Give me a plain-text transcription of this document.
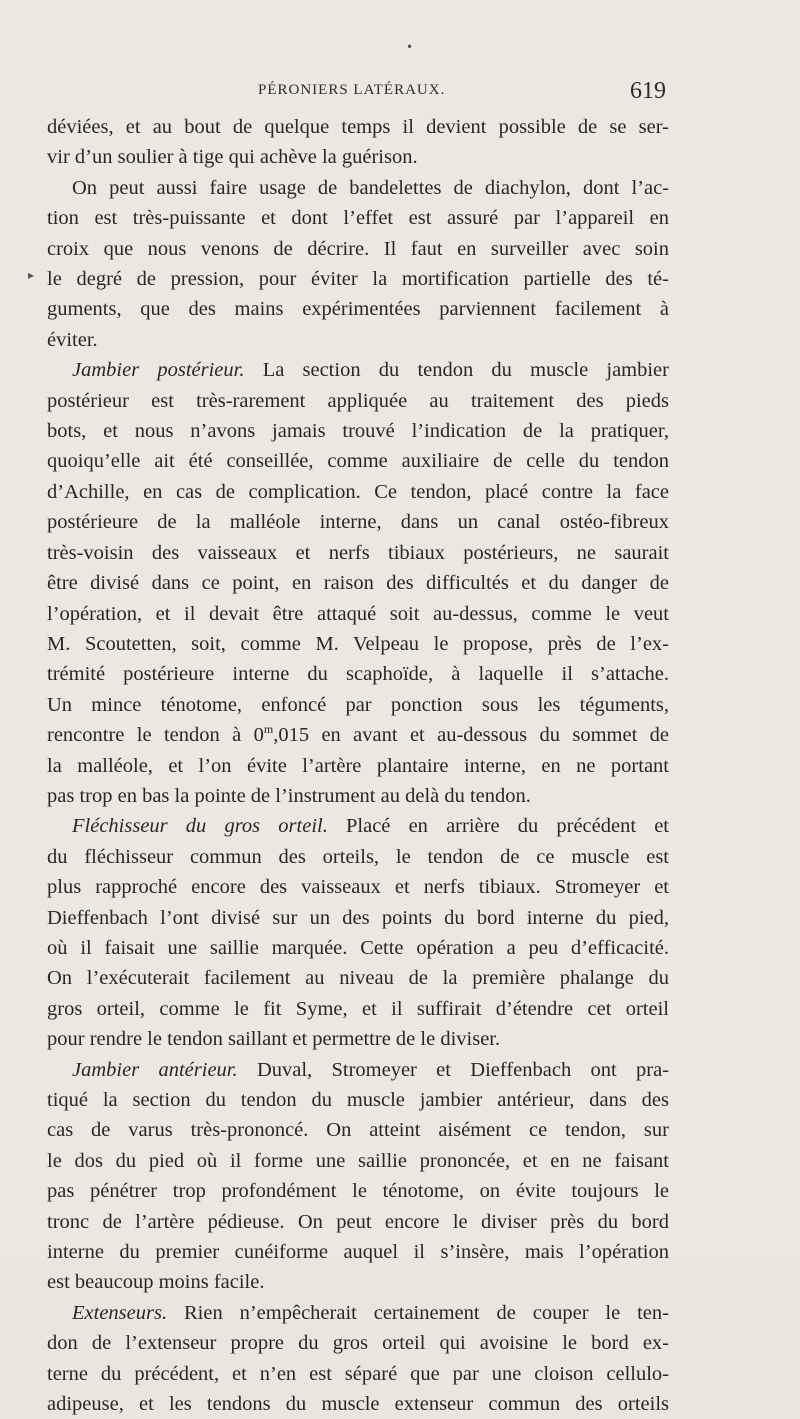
PÉRONIERS LATÉRAUX.	619
•
▸
déviées, et au bout de quelque temps il devient possible de se ser-
vir d’un soulier à tige qui achève la guérison.
On peut aussi faire usage de bandelettes de diachylon, dont l’ac-
tion est très-puissante et dont l’effet est assuré par l’appareil en
croix que nous venons de décrire. Il faut en surveiller avec soin
le degré de pression, pour éviter la mortification partielle des té-
guments, que des mains expérimentées parviennent facilement à
éviter.
Jambier postérieur. La section du tendon du muscle jambier
postérieur est très-rarement appliquée au traitement des pieds
bots, et nous n’avons jamais trouvé l’indication de la pratiquer,
quoiqu’elle ait été conseillée, comme auxiliaire de celle du tendon
d’Achille, en cas de complication. Ce tendon, placé contre la face
postérieure de la malléole interne, dans un canal ostéo-fibreux
très-voisin des vaisseaux et nerfs tibiaux postérieurs, ne saurait
être divisé dans ce point, en raison des difficultés et du danger de
l’opération, et il devait être attaqué soit au-dessus, comme le veut
M. Scoutetten, soit, comme M. Velpeau le propose, près de l’ex-
trémité postérieure interne du scaphoïde, à laquelle il s’attache.
Un mince ténotome, enfoncé par ponction sous les téguments,
rencontre le tendon à 0$^m$,015 en avant et au-dessous du sommet de
la malléole, et l’on évite l’artère plantaire interne, en ne portant
pas trop en bas la pointe de l’instrument au delà du tendon.
Fléchisseur du gros orteil. Placé en arrière du précédent et
du fléchisseur commun des orteils, le tendon de ce muscle est
plus rapproché encore des vaisseaux et nerfs tibiaux. Stromeyer et
Dieffenbach l’ont divisé sur un des points du bord interne du pied,
où il faisait une saillie marquée. Cette opération a peu d’efficacité.
On l’exécuterait facilement au niveau de la première phalange du
gros orteil, comme le fit Syme, et il suffirait d’étendre cet orteil
pour rendre le tendon saillant et permettre de le diviser.
Jambier antérieur. Duval, Stromeyer et Dieffenbach ont pra-
tiqué la section du tendon du muscle jambier antérieur, dans des
cas de varus très-prononcé. On atteint aisément ce tendon, sur
le dos du pied où il forme une saillie prononcée, et en ne faisant
pas pénétrer trop profondément le ténotome, on évite toujours le
tronc de l’artère pédieuse. On peut encore le diviser près du bord
interne du premier cunéiforme auquel il s’insère, mais l’opération
est beaucoup moins facile.
Extenseurs. Rien n’empêcherait certainement de couper le ten-
don de l’extenseur propre du gros orteil qui avoisine le bord ex-
terne du précédent, et n’en est séparé que par une cloison cellulo-
adipeuse, et les tendons du muscle extenseur commun des orteils
